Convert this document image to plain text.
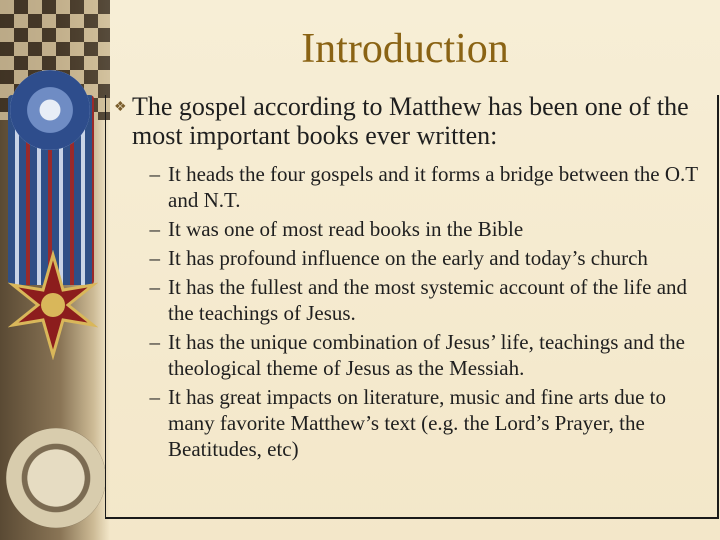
Introduction
❖ The gospel according to Matthew has been one of the most important books ever written:
– It heads the four gospels and it forms a bridge between the O.T and N.T.
– It was one of most read books in the Bible
– It has profound influence on the early and today’s church
– It has the fullest and the most systemic account of the life and the teachings of Jesus.
– It has the unique combination of Jesus’ life, teachings and the theological theme of Jesus as the Messiah.
– It has great impacts on literature, music and fine arts due to many favorite Matthew’s text (e.g. the Lord’s Prayer, the Beatitudes, etc)
